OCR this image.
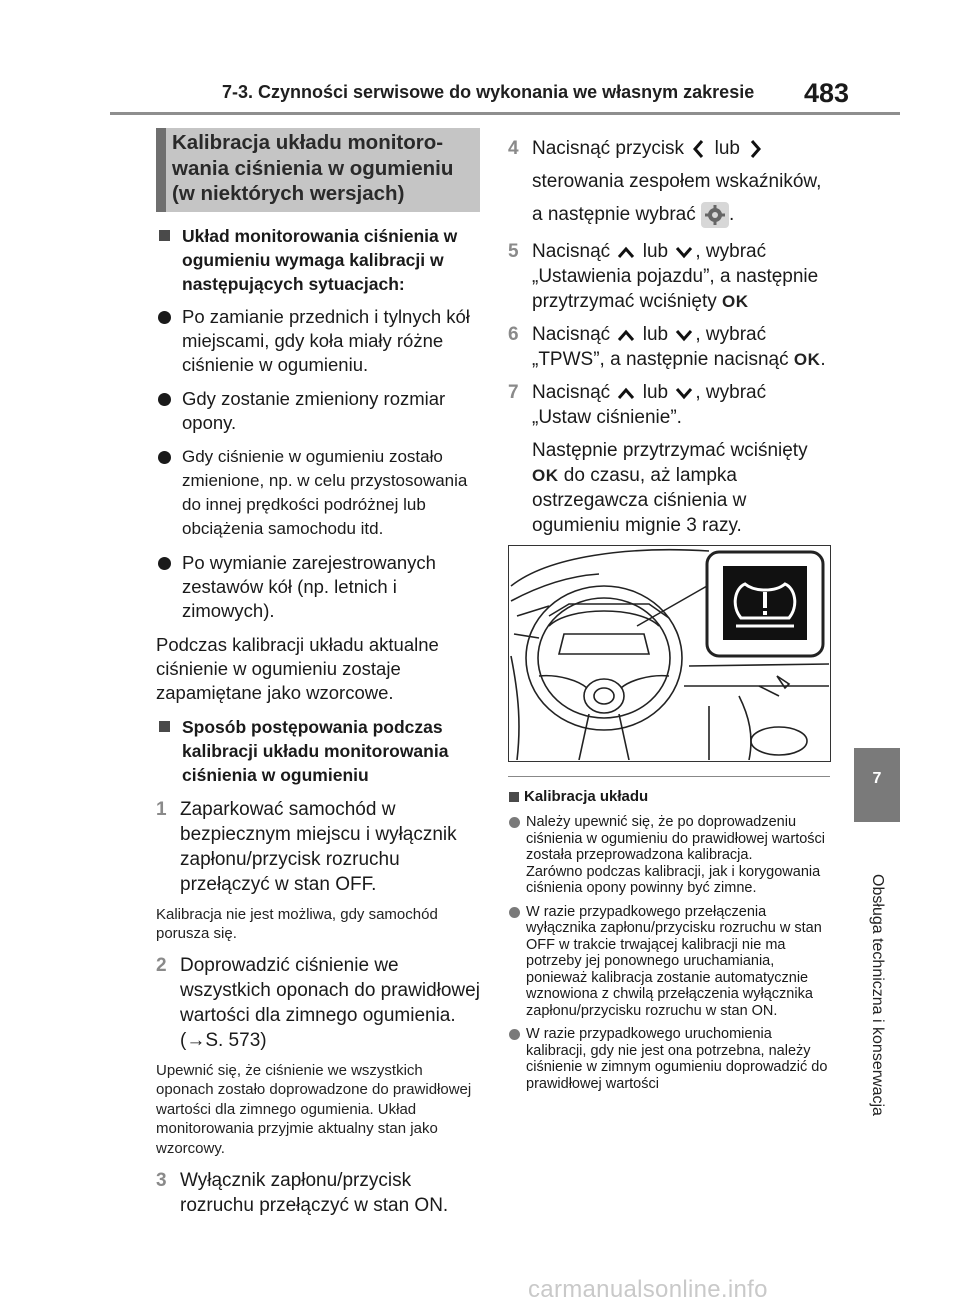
7-3. Czynności serwisowe do wykonania we własnym zakresie 483
7
Obsługa techniczna i konserwacja
Kalibracja układu monitoro-
wania ciśnienia w ogumieniu
(w niektórych wersjach)
Układ monitorowania ciśnienia w ogumieniu wymaga kalibracji w następujących sytuacjach:
Po zamianie przednich i tylnych kół miejscami, gdy koła miały różne ciśnienie w ogumieniu.
Gdy zostanie zmieniony rozmiar opony.
Gdy ciśnienie w ogumieniu zostało zmienione, np. w celu przystosowania do innej prędkości podróżnej lub obciążenia samochodu itd.
Po wymianie zarejestrowanych zestawów kół (np. letnich i zimowych).
Podczas kalibracji układu aktualne ciśnienie w ogumieniu zostaje zapamiętane jako wzorcowe.
Sposób postępowania podczas kalibracji układu monitorowania ciśnienia w ogumieniu
1 Zaparkować samochód w bezpiecznym miejscu i wyłącznik zapłonu/przycisk rozruchu przełączyć w stan OFF.
Kalibracja nie jest możliwa, gdy samochód porusza się.
2 Doprowadzić ciśnienie we wszystkich oponach do prawidłowej wartości dla zimnego ogumienia.
(→S. 573)
Upewnić się, że ciśnienie we wszystkich oponach zostało doprowadzone do prawidłowej wartości dla zimnego ogumienia. Układ monitorowania przyjmie aktualny stan jako wzorcowy.
3 Wyłącznik zapłonu/przycisk rozruchu przełączyć w stan ON.
4 Nacisnąć przycisk lub  sterowania zespołem wskaźników, a następnie wybrać .
5 Nacisnąć lub , wybrać „Ustawienia pojazdu”, a następnie przytrzymać wciśnięty OK
6 Nacisnąć lub , wybrać „TPWS”, a następnie nacisnąć OK.
7 Nacisnąć lub , wybrać „Ustaw ciśnienie”.
Następnie przytrzymać wciśnięty OK do czasu, aż lampka ostrzegawcza ciśnienia w ogumieniu mignie 3 razy.
Kalibracja układu
Należy upewnić się, że po doprowadzeniu ciśnienia w ogumieniu do prawidłowej wartości została przeprowadzona kalibracja.
Zarówno podczas kalibracji, jak i korygowania ciśnienia opony powinny być zimne.
W razie przypadkowego przełączenia wyłącznika zapłonu/przycisku rozruchu w stan OFF w trakcie trwającej kalibracji nie ma potrzeby jej ponownego uruchamiania, ponieważ kalibracja zostanie automatycznie wznowiona z chwilą przełączenia wyłącznika zapłonu/przycisku rozruchu w stan ON.
W razie przypadkowego uruchomienia kalibracji, gdy nie jest ona potrzebna, należy ciśnienie w zimnym ogumieniu doprowadzić do prawidłowej wartości
carmanualsonline.info
